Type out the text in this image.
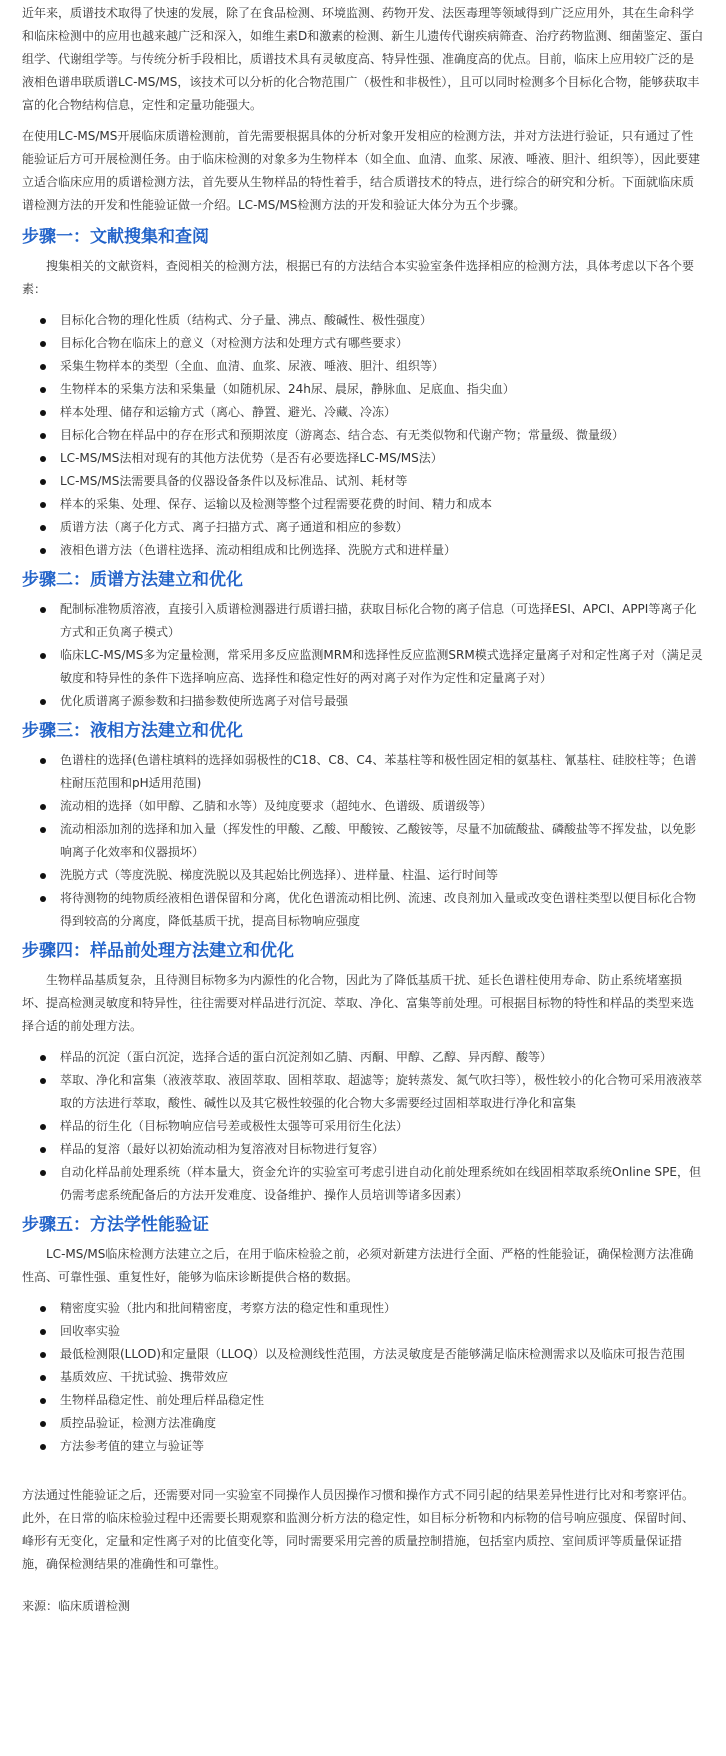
近年来，质谱技术取得了快速的发展，除了在食品检测、环境监测、药物开发、法医毒理等领域得到广泛应用外，其在生命科学和临床检测中的应用也越来越广泛和深入，如维生素D和激素的检测、新生儿遗传代谢疾病筛查、治疗药物监测、细菌鉴定、蛋白组学、代谢组学等。与传统分析手段相比，质谱技术具有灵敏度高、特异性强、准确度高的优点。目前，临床上应用较广泛的是液相色谱串联质谱LC-MS/MS，该技术可以分析的化合物范围广（极性和非极性），且可以同时检测多个目标化合物，能够获取丰富的化合物结构信息，定性和定量功能强大。

在使用LC-MS/MS开展临床质谱检测前，首先需要根据具体的分析对象开发相应的检测方法，并对方法进行验证，只有通过了性能验证后方可开展检测任务。由于临床检测的对象多为生物样本（如全血、血清、血浆、尿液、唾液、胆汁、组织等），因此要建立适合临床应用的质谱检测方法，首先要从生物样品的特性着手，结合质谱技术的特点，进行综合的研究和分析。下面就临床质谱检测方法的开发和性能验证做一介绍。LC-MS/MS检测方法的开发和验证大体分为五个步骤。

步骤一：文献搜集和查阅

搜集相关的文献资料，查阅相关的检测方法，根据已有的方法结合本实验室条件选择相应的检测方法，具体考虑以下各个要素：

目标化合物的理化性质（结构式、分子量、沸点、酸碱性、极性强度）
目标化合物在临床上的意义（对检测方法和处理方式有哪些要求）
采集生物样本的类型（全血、血清、血浆、尿液、唾液、胆汁、组织等）
生物样本的采集方法和采集量（如随机尿、24h尿、晨尿，静脉血、足底血、指尖血）
样本处理、储存和运输方式（离心、静置、避光、冷藏、冷冻）
目标化合物在样品中的存在形式和预期浓度（游离态、结合态、有无类似物和代谢产物；常量级、微量级）
LC-MS/MS法相对现有的其他方法优势（是否有必要选择LC-MS/MS法）
LC-MS/MS法需要具备的仪器设备条件以及标准品、试剂、耗材等
样本的采集、处理、保存、运输以及检测等整个过程需要花费的时间、精力和成本
质谱方法（离子化方式、离子扫描方式、离子通道和相应的参数）
液相色谱方法（色谱柱选择、流动相组成和比例选择、洗脱方式和进样量）
步骤二：质谱方法建立和优化
配制标准物质溶液，直接引入质谱检测器进行质谱扫描，获取目标化合物的离子信息（可选择ESI、APCI、APPI等离子化方式和正负离子模式）
临床LC-MS/MS多为定量检测，常采用多反应监测MRM和选择性反应监测SRM模式选择定量离子对和定性离子对（满足灵敏度和特异性的条件下选择响应高、选择性和稳定性好的两对离子对作为定性和定量离子对）
优化质谱离子源参数和扫描参数使所选离子对信号最强
步骤三：液相方法建立和优化
色谱柱的选择(色谱柱填料的选择如弱极性的C18、C8、C4、苯基柱等和极性固定相的氨基柱、氰基柱、硅胶柱等；色谱柱耐压范围和pH适用范围)
流动相的选择（如甲醇、乙腈和水等）及纯度要求（超纯水、色谱级、质谱级等）
流动相添加剂的选择和加入量（挥发性的甲酸、乙酸、甲酸铵、乙酸铵等，尽量不加硫酸盐、磷酸盐等不挥发盐，以免影响离子化效率和仪器损坏）
洗脱方式（等度洗脱、梯度洗脱以及其起始比例选择）、进样量、柱温、运行时间等
将待测物的纯物质经液相色谱保留和分离，优化色谱流动相比例、流速、改良剂加入量或改变色谱柱类型以便目标化合物得到较高的分离度，降低基质干扰，提高目标物响应强度
步骤四：样品前处理方法建立和优化

生物样品基质复杂，且待测目标物多为内源性的化合物，因此为了降低基质干扰、延长色谱柱使用寿命、防止系统堵塞损坏、提高检测灵敏度和特异性，往往需要对样品进行沉淀、萃取、净化、富集等前处理。可根据目标物的特性和样品的类型来选择合适的前处理方法。

样品的沉淀（蛋白沉淀，选择合适的蛋白沉淀剂如乙腈、丙酮、甲醇、乙醇、异丙醇、酸等）
萃取、净化和富集（液液萃取、液固萃取、固相萃取、超滤等；旋转蒸发、氮气吹扫等），极性较小的化合物可采用液液萃取的方法进行萃取，酸性、碱性以及其它极性较强的化合物大多需要经过固相萃取进行净化和富集
样品的衍生化（目标物响应信号差或极性太强等可采用衍生化法）
样品的复溶（最好以初始流动相为复溶液对目标物进行复容）
自动化样品前处理系统（样本量大，资金允许的实验室可考虑引进自动化前处理系统如在线固相萃取系统Online SPE，但仍需考虑系统配备后的方法开发难度、设备维护、操作人员培训等诸多因素）
步骤五：方法学性能验证

LC-MS/MS临床检测方法建立之后，在用于临床检验之前，必须对新建方法进行全面、严格的性能验证，确保检测方法准确性高、可靠性强、重复性好，能够为临床诊断提供合格的数据。

精密度实验（批内和批间精密度，考察方法的稳定性和重现性）
回收率实验
最低检测限(LLOD)和定量限（LLOQ）以及检测线性范围，方法灵敏度是否能够满足临床检测需求以及临床可报告范围
基质效应、干扰试验、携带效应
生物样品稳定性、前处理后样品稳定性
质控品验证，检测方法准确度
方法参考值的建立与验证等

方法通过性能验证之后，还需要对同一实验室不同操作人员因操作习惯和操作方式不同引起的结果差异性进行比对和考察评估。此外，在日常的临床检验过程中还需要长期观察和监测分析方法的稳定性，如目标分析物和内标物的信号响应强度、保留时间、峰形有无变化，定量和定性离子对的比值变化等，同时需要采用完善的质量控制措施，包括室内质控、室间质评等质量保证措施，确保检测结果的准确性和可靠性。

来源：临床质谱检测
